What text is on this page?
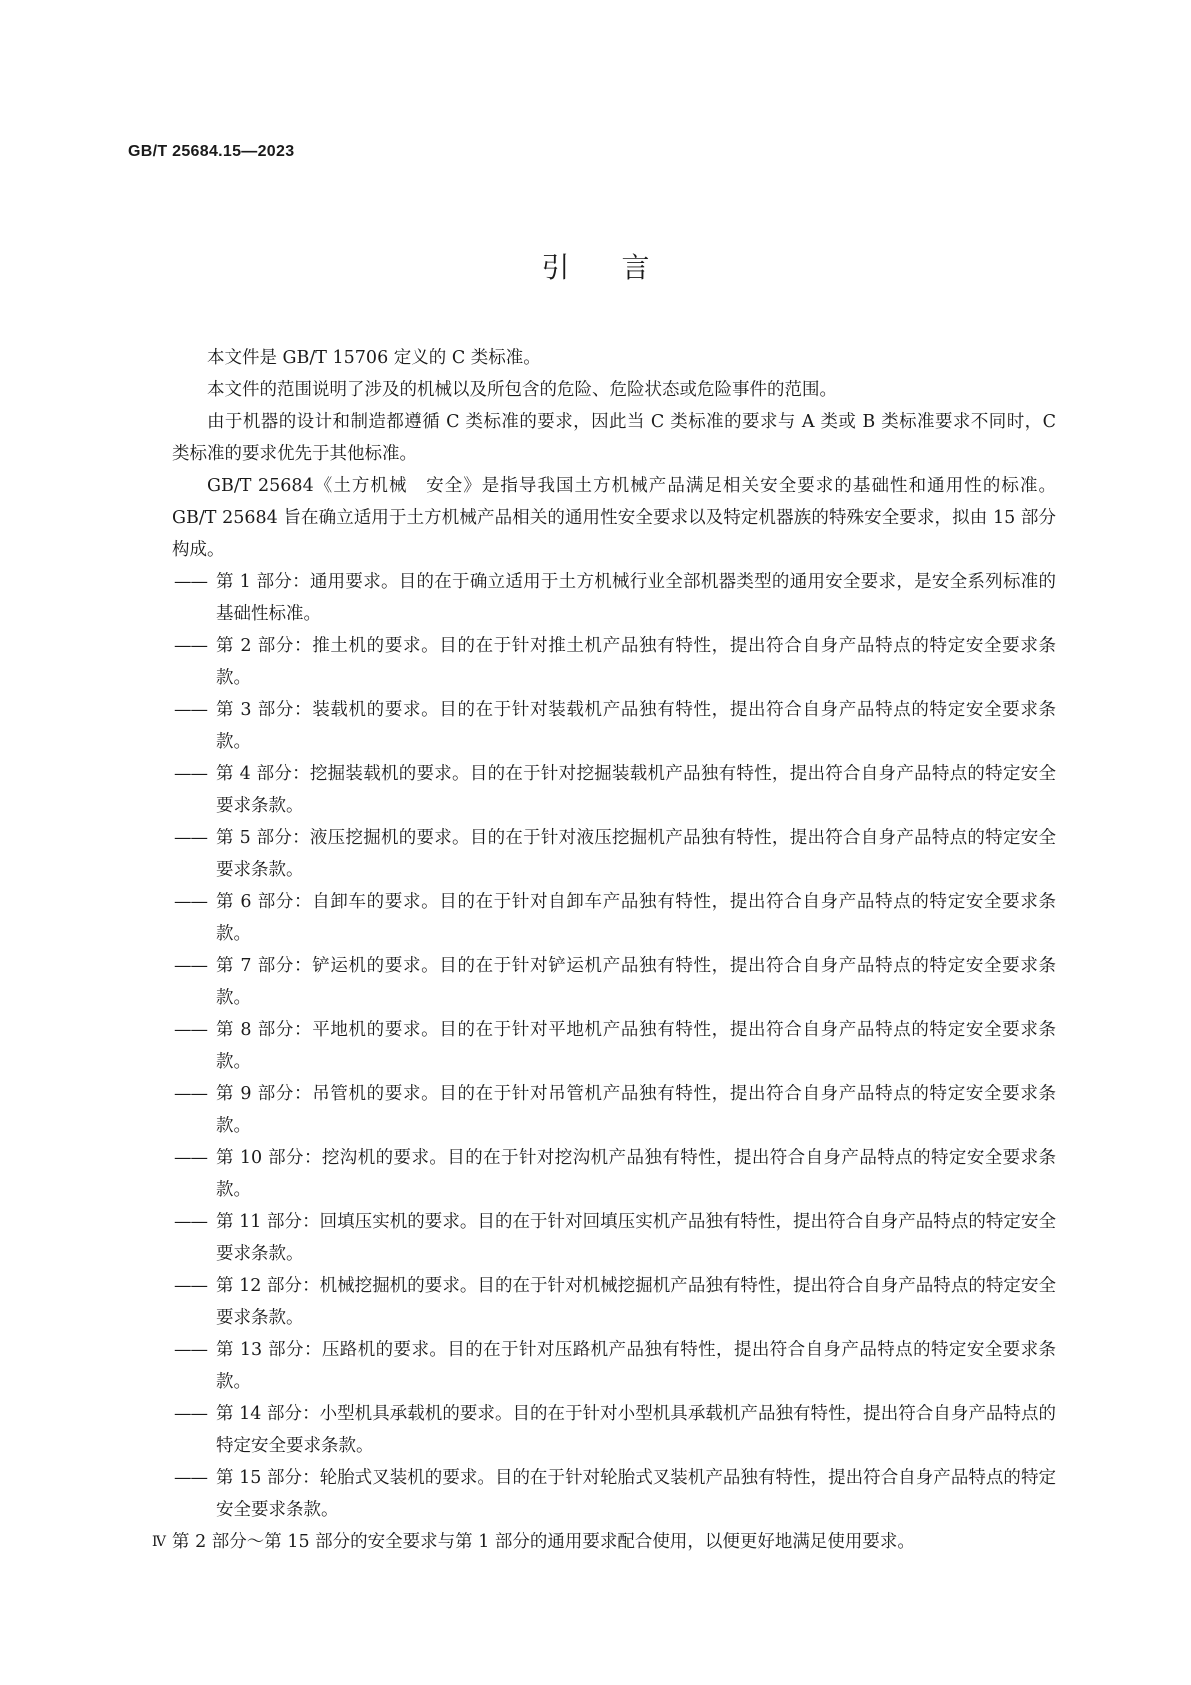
GB/T 25684.15—2023
引言

本文件是 GB/T 15706 定义的 C 类标准。

本文件的范围说明了涉及的机械以及所包含的危险、危险状态或危险事件的范围。

由于机器的设计和制造都遵循 C 类标准的要求，因此当 C 类标准的要求与 A 类或 B 类标准要求不同时，C 类标准的要求优先于其他标准。

GB/T 25684《土方机械　安全》是指导我国土方机械产品满足相关安全要求的基础性和通用性的标准。GB/T 25684 旨在确立适用于土方机械产品相关的通用性安全要求以及特定机器族的特殊安全要求，拟由 15 部分构成。

—— 第 1 部分：通用要求。目的在于确立适用于土方机械行业全部机器类型的通用安全要求，是安全系列标准的基础性标准。

—— 第 2 部分：推土机的要求。目的在于针对推土机产品独有特性，提出符合自身产品特点的特定安全要求条款。

—— 第 3 部分：装载机的要求。目的在于针对装载机产品独有特性，提出符合自身产品特点的特定安全要求条款。

—— 第 4 部分：挖掘装载机的要求。目的在于针对挖掘装载机产品独有特性，提出符合自身产品特点的特定安全要求条款。

—— 第 5 部分：液压挖掘机的要求。目的在于针对液压挖掘机产品独有特性，提出符合自身产品特点的特定安全要求条款。

—— 第 6 部分：自卸车的要求。目的在于针对自卸车产品独有特性，提出符合自身产品特点的特定安全要求条款。

—— 第 7 部分：铲运机的要求。目的在于针对铲运机产品独有特性，提出符合自身产品特点的特定安全要求条款。

—— 第 8 部分：平地机的要求。目的在于针对平地机产品独有特性，提出符合自身产品特点的特定安全要求条款。

—— 第 9 部分：吊管机的要求。目的在于针对吊管机产品独有特性，提出符合自身产品特点的特定安全要求条款。

—— 第 10 部分：挖沟机的要求。目的在于针对挖沟机产品独有特性，提出符合自身产品特点的特定安全要求条款。

—— 第 11 部分：回填压实机的要求。目的在于针对回填压实机产品独有特性，提出符合自身产品特点的特定安全要求条款。

—— 第 12 部分：机械挖掘机的要求。目的在于针对机械挖掘机产品独有特性，提出符合自身产品特点的特定安全要求条款。

—— 第 13 部分：压路机的要求。目的在于针对压路机产品独有特性，提出符合自身产品特点的特定安全要求条款。

—— 第 14 部分：小型机具承载机的要求。目的在于针对小型机具承载机产品独有特性，提出符合自身产品特点的特定安全要求条款。

—— 第 15 部分：轮胎式叉装机的要求。目的在于针对轮胎式叉装机产品独有特性，提出符合自身产品特点的特定安全要求条款。

第 2 部分～第 15 部分的安全要求与第 1 部分的通用要求配合使用，以便更好地满足使用要求。

Ⅳ
